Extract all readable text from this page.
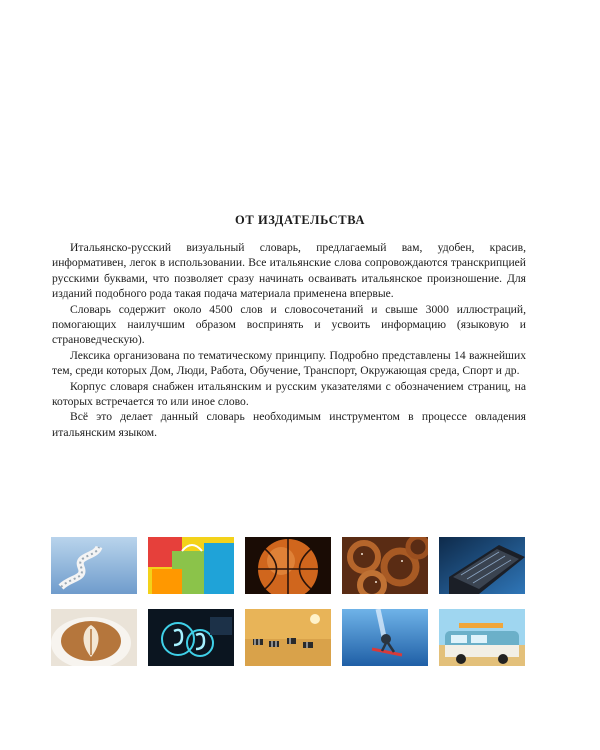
ОТ ИЗДАТЕЛЬСТВА

Итальянско-русский визуальный словарь, предлагаемый вам, удобен, красив, информативен, легок в использовании. Все итальянские слова сопровождаются транскрипцией русскими буквами, что позволяет сразу начинать осваивать итальянское произношение. Для изданий подобного рода такая подача материала применена впервые.

Словарь содержит около 4500 слов и словосочетаний и свыше 3000 иллюстраций, помогающих наилучшим образом воспринять и усвоить информацию (языковую и страноведческую).

Лексика организована по тематическому принципу. Подробно представлены 14 важнейших тем, среди которых Дом, Люди, Работа, Обучение, Транспорт, Окружающая среда, Спорт и др.

Корпус словаря снабжен итальянским и русским указателями с обозначением страниц, на которых встречается то или иное слово.

Всё это делает данный словарь необходимым инструментом в процессе овладения итальянским языком.
